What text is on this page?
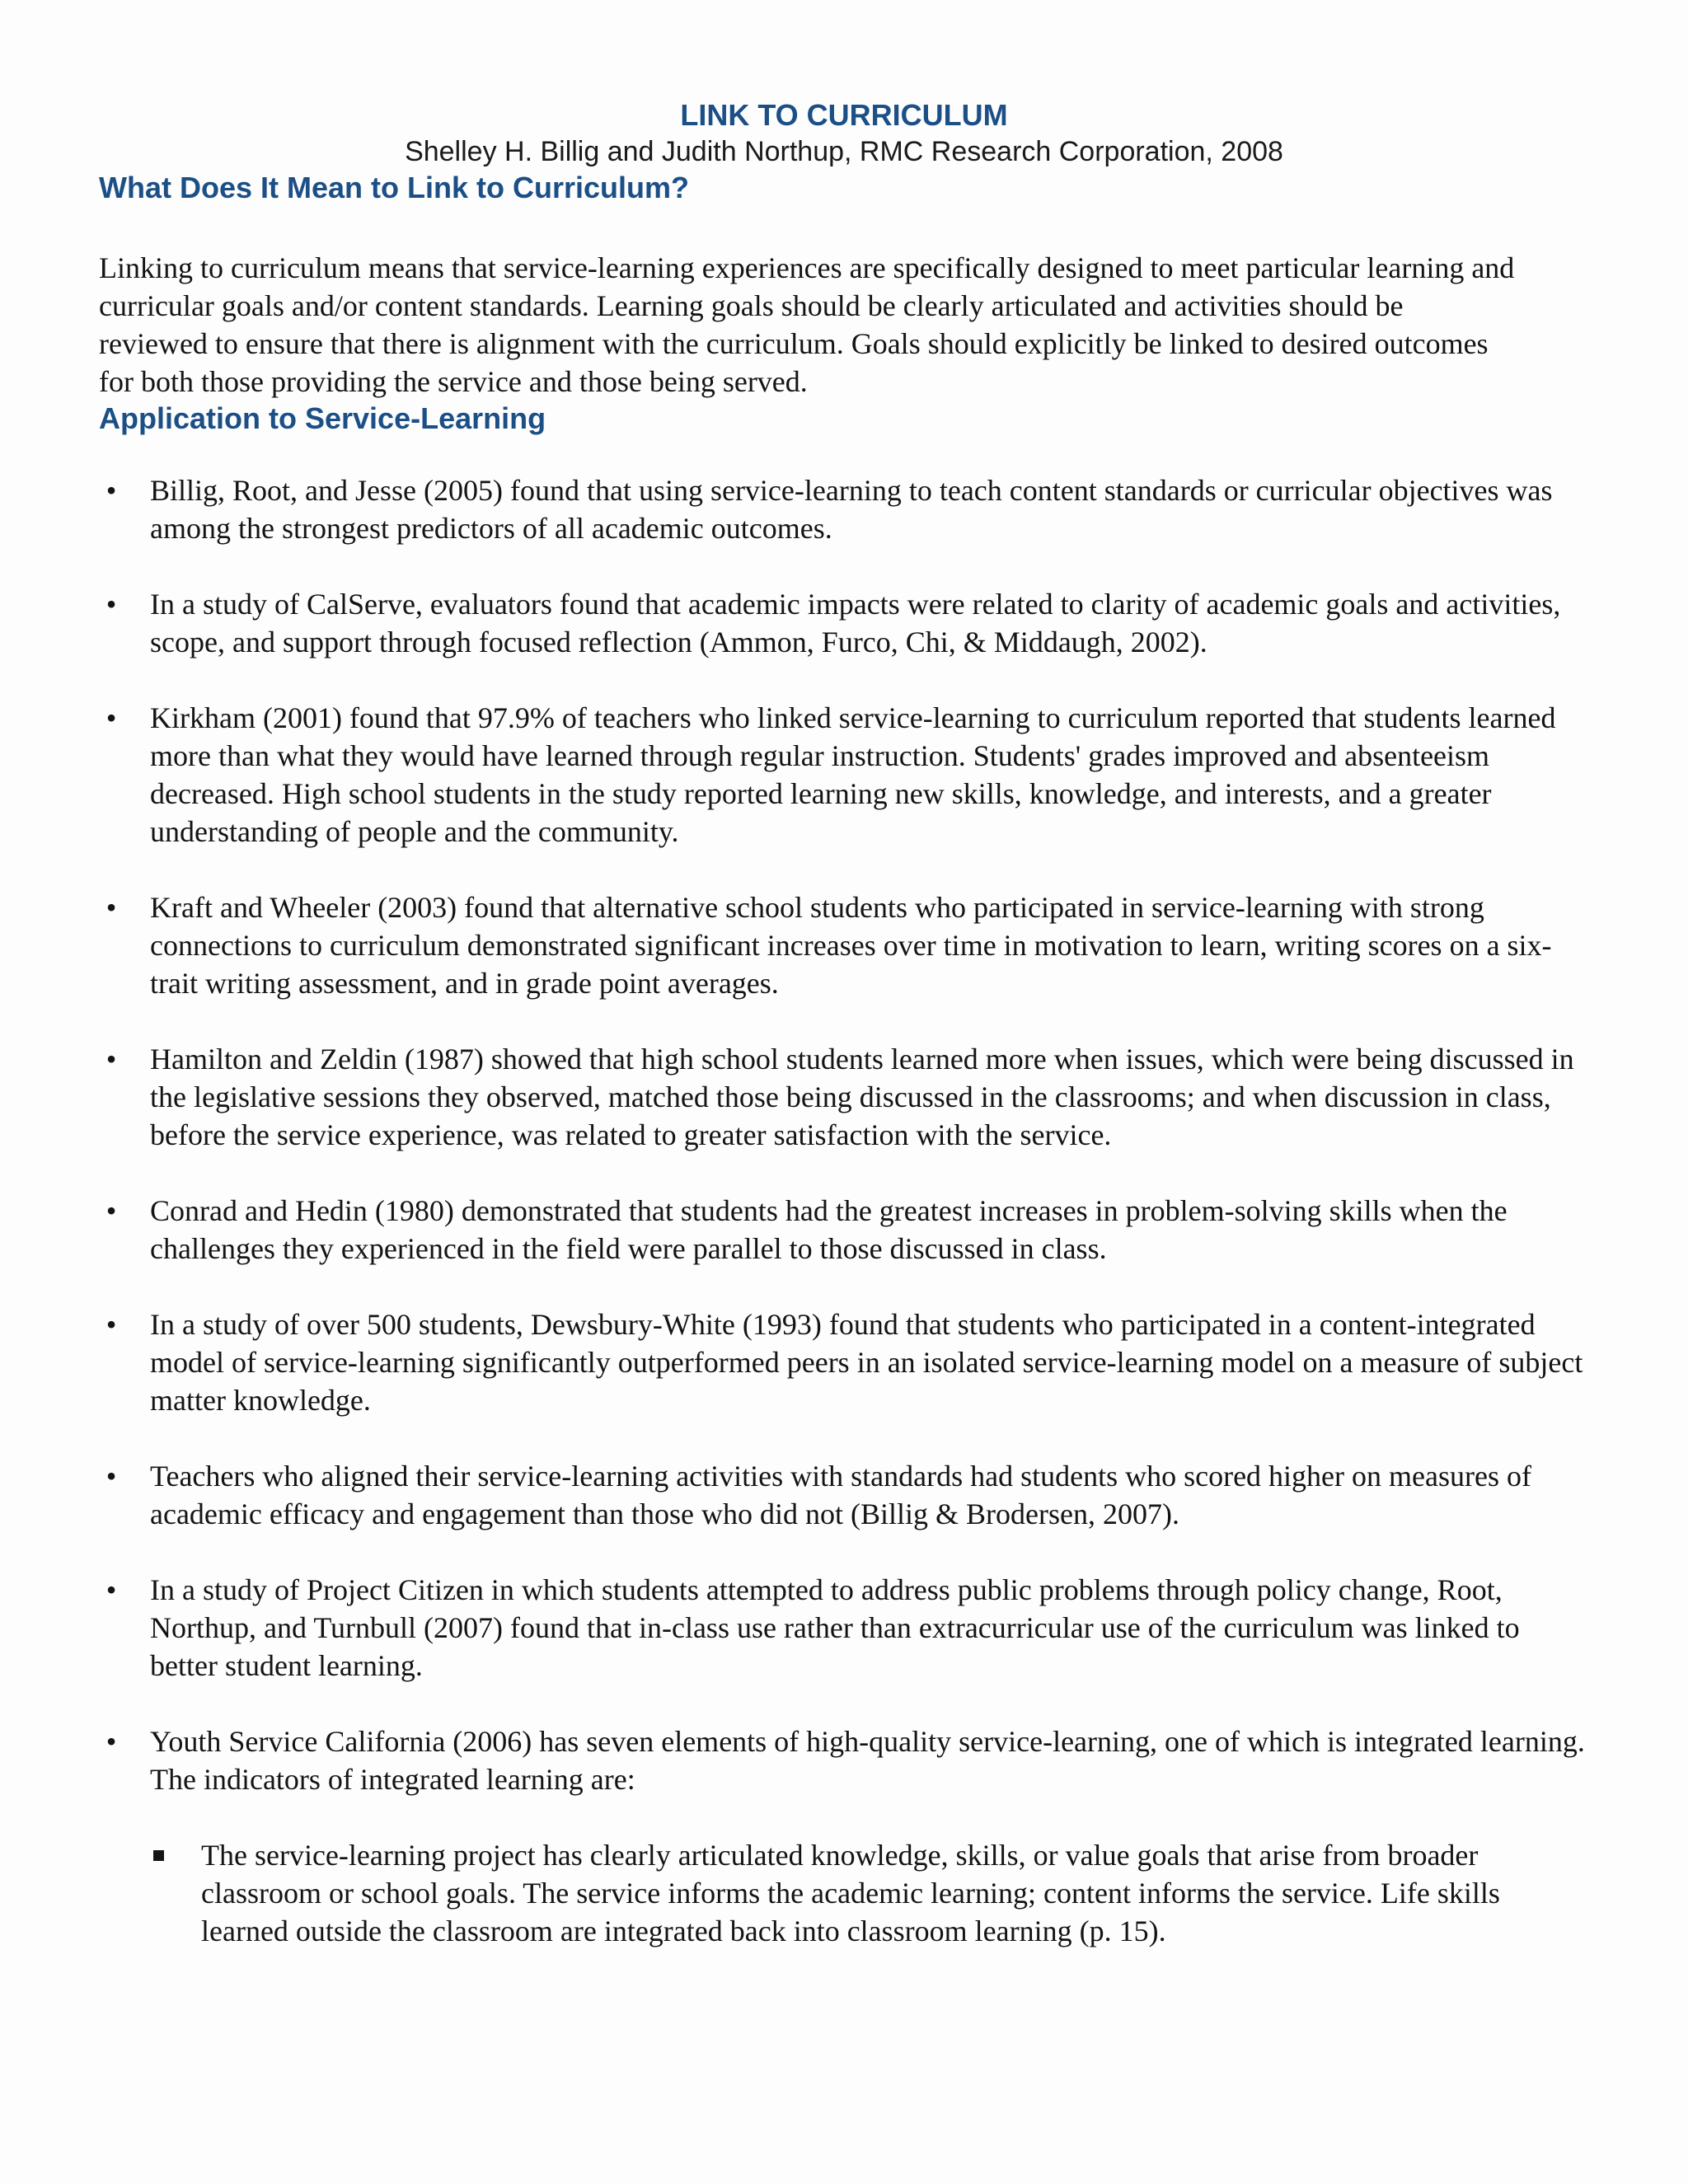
LINK TO CURRICULUM

Shelley H. Billig and Judith Northup, RMC Research Corporation, 2008

What Does It Mean to Link to Curriculum?

Linking to curriculum means that service-learning experiences are specifically designed to meet particular learning and curricular goals and/or content standards. Learning goals should be clearly articulated and activities should be reviewed to ensure that there is alignment with the curriculum. Goals should explicitly be linked to desired outcomes for both those providing the service and those being served.

Application to Service-Learning
• Billig, Root, and Jesse (2005) found that using service-learning to teach content standards or curricular objectives was among the strongest predictors of all academic outcomes.
• In a study of CalServe, evaluators found that academic impacts were related to clarity of academic goals and activities, scope, and support through focused reflection (Ammon, Furco, Chi, & Middaugh, 2002).
• Kirkham (2001) found that 97.9% of teachers who linked service-learning to curriculum reported that students learned more than what they would have learned through regular instruction. Students' grades improved and absenteeism decreased. High school students in the study reported learning new skills, knowledge, and interests, and a greater understanding of people and the community.
• Kraft and Wheeler (2003) found that alternative school students who participated in service-learning with strong connections to curriculum demonstrated significant increases over time in motivation to learn, writing scores on a six-trait writing assessment, and in grade point averages.
• Hamilton and Zeldin (1987) showed that high school students learned more when issues, which were being discussed in the legislative sessions they observed, matched those being discussed in the classrooms; and when discussion in class, before the service experience, was related to greater satisfaction with the service.
• Conrad and Hedin (1980) demonstrated that students had the greatest increases in problem-solving skills when the challenges they experienced in the field were parallel to those discussed in class.
• In a study of over 500 students, Dewsbury-White (1993) found that students who participated in a content-integrated model of service-learning significantly outperformed peers in an isolated service-learning model on a measure of subject matter knowledge.
• Teachers who aligned their service-learning activities with standards had students who scored higher on measures of academic efficacy and engagement than those who did not (Billig & Brodersen, 2007).
• In a study of Project Citizen in which students attempted to address public problems through policy change, Root, Northup, and Turnbull (2007) found that in-class use rather than extracurricular use of the curriculum was linked to better student learning.
• Youth Service California (2006) has seven elements of high-quality service-learning, one of which is integrated learning. The indicators of integrated learning are:
The service-learning project has clearly articulated knowledge, skills, or value goals that arise from broader classroom or school goals. The service informs the academic learning; content informs the service. Life skills learned outside the classroom are integrated back into classroom learning (p. 15).
